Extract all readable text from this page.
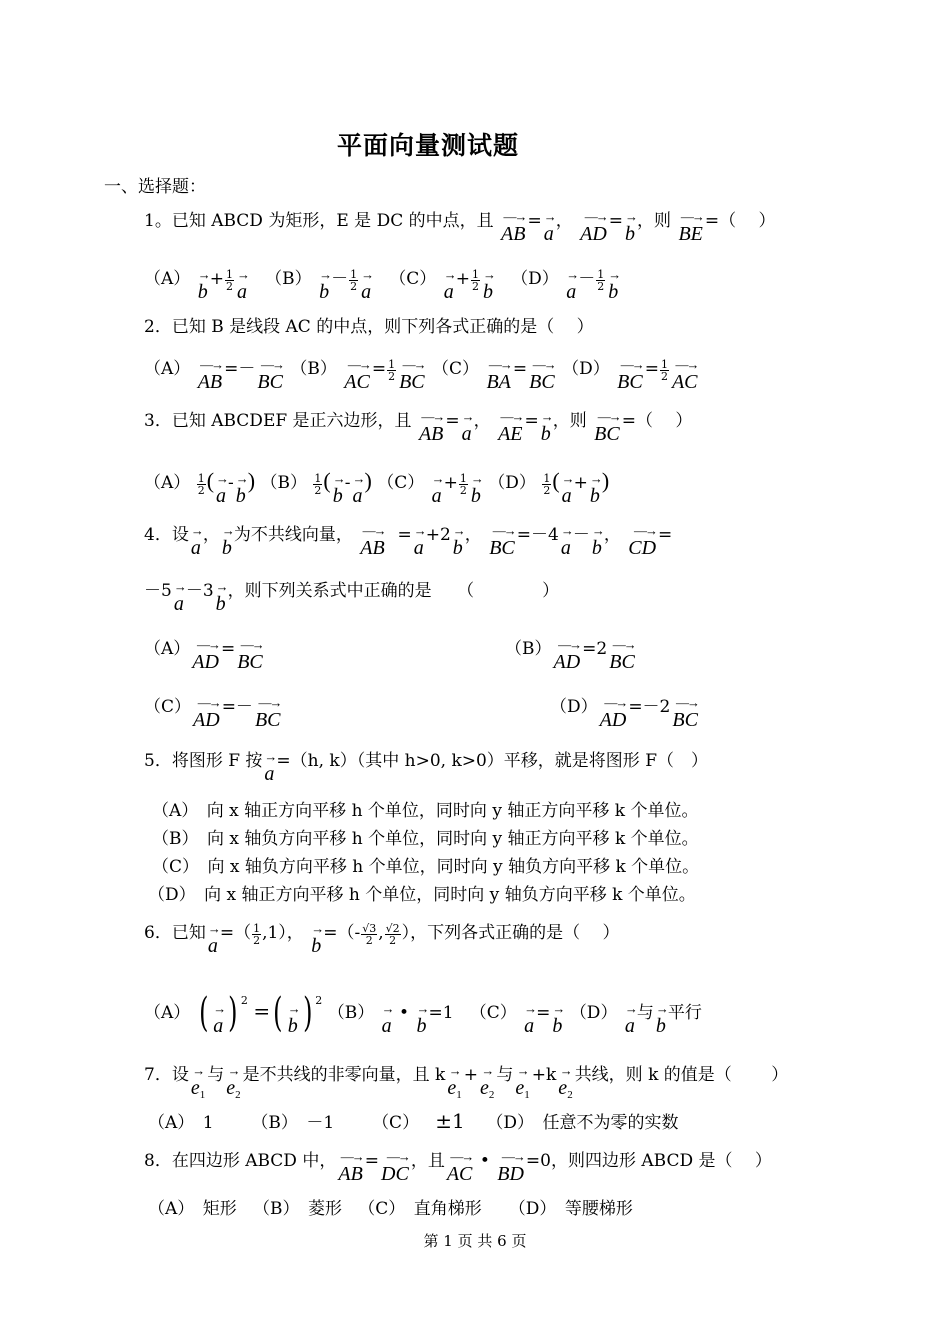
平面向量测试题
一、选择题：
1。已知 ABCD 为矩形，E 是 DC 的中点，且 —→ AB=→ a， —→ AD=→ b，则 —→ BE=（　 ）
$(A) \to b+ \frac{1}{2}$
→ a   $(B) \to b- \frac{1}{2}$
→ a   $(C) \to a+ \frac{1}{2}$
→ b   $(D) \to a- \frac{1}{2}$
→ b
2．已知 B 是线段 AC 的中点，则下列各式正确的是（　 ）
（A） —→ AB=－—→ BC （B） —→ $AC= \frac{1}{2}$
—→ BC （C） —→ BA=—→ BC （D） —→ $BC= \frac{1}{2}$
—→ AC
3．已知 ABCDEF 是正六边形，且 —→ AB=→ a， —→ AE=→ b，则 —→ BC=（　 ）
$(A) \frac{1}{2}$ (→ a-→ b) $(B) \frac{1}{2}$ (→ b-→ a) $(C) \to a+ \frac{1}{2}$
→ b $(D) \frac{1}{2}$ (→ a+→ b)
4．设→ a，→ b为不共线向量， —→ AB  =→ a+2→ b， —→ BC=－4→ a－→ b， —→ CD=
－5→ a－3→ b，则下列关系式中正确的是　　（　　　　）
（A）—→ AD=—→ BC
（B）—→ AD=2—→ BC
（C）—→ AD=－—→ BC
（D）—→ AD=－2—→ BC
5．将图形 F 按→ a=（h, k）（其中 h>0, k>0）平移，就是将图形 F（　）
（A）　向 x 轴正方向平移 h 个单位，同时向 y 轴正方向平移 k 个单位。
（B）　向 x 轴负方向平移 h 个单位，同时向 y 轴正方向平移 k 个单位。
（C）　向 x 轴负方向平移 h 个单位，同时向 y 轴负方向平移 k 个单位。
（D）　向 x 轴正方向平移 h 个单位，同时向 y 轴负方向平移 k 个单位。
6．已知→ $a=( \frac{1}{2} ,1)$， → $b=(- \frac{√3}{2}$ , $\frac{√2}{2}$ ），下列各式正确的是（　 ）
（A） (→ a ) $^2$ =(→ b ) $^2$ （B） → a • → b=1 （C） → a=→ b （D） → a与→ b平行
7．设→ $e_1$与→ $e_2$是不共线的非零向量，且 $k\to e_1+\to e_2$与→ $e_1+k\to e_2$共线，则 k 的值是（　　 ）
（A）　1 （B）　－1 （C） ±1 （D）　任意不为零的实数
8．在四边形 ABCD 中，—→ AB=—→ DC，且—→ AC • —→ BD=0，则四边形 ABCD 是（　 ）
（A）　矩形 （B）　菱形 （C）　直角梯形 （D）　等腰梯形
第 1 页 共 6 页
